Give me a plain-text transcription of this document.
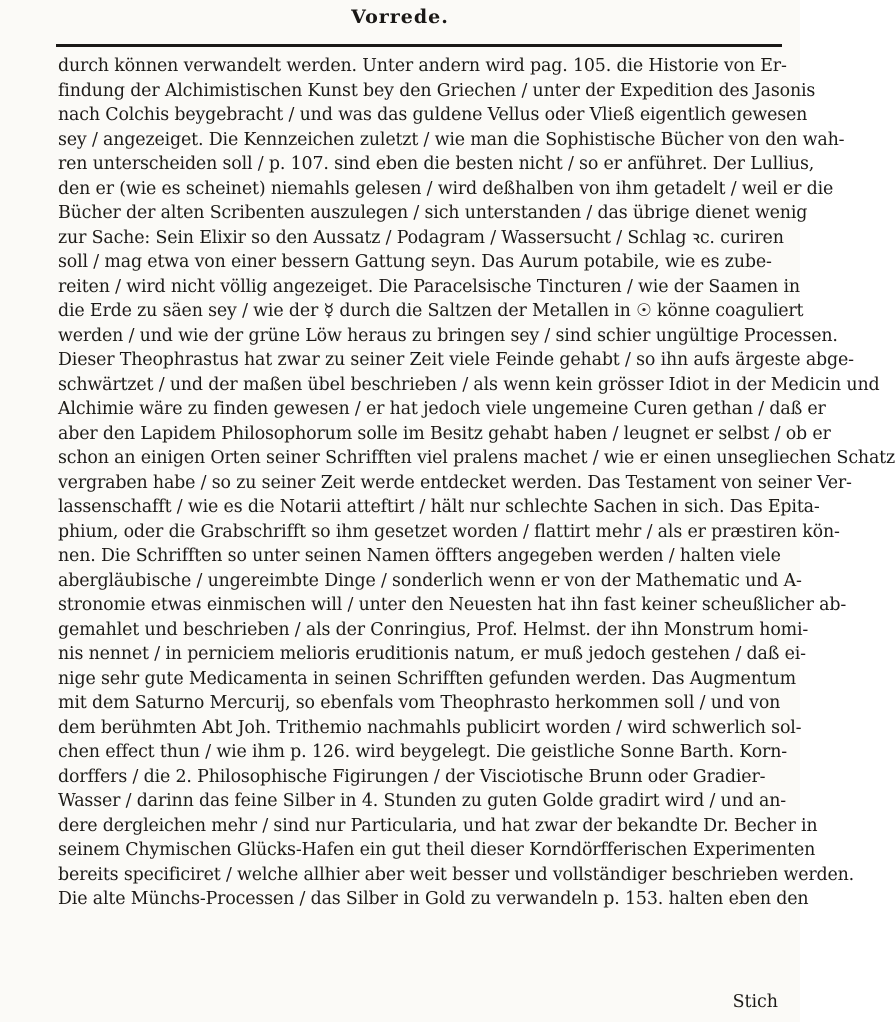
Vorrede.
durch können verwandelt werden. Unter andern wird pag. 105. die Historie von Er-
findung der Alchimistischen Kunst bey den Griechen / unter der Expedition des Jasonis
nach Colchis beygebracht / und was das guldene Vellus oder Vließ eigentlich gewesen
sey / angezeiget. Die Kennzeichen zuletzt / wie man die Sophistische Bücher von den wah-
ren unterscheiden soll / p. 107. sind eben die besten nicht / so er anführet. Der Lullius,
den er (wie es scheinet) niemahls gelesen / wird deßhalben von ihm getadelt / weil er die
Bücher der alten Scribenten auszulegen / sich unterstanden / das übrige dienet wenig
zur Sache: Sein Elixir so den Aussatz / Podagram / Wassersucht / Schlag ꝛc. curiren
soll / mag etwa von einer bessern Gattung seyn. Das Aurum potabile, wie es zube-
reiten / wird nicht völlig angezeiget. Die Paracelsische Tincturen / wie der Saamen in
die Erde zu säen sey / wie der ☿ durch die Saltzen der Metallen in ☉ könne coaguliert
werden / und wie der grüne Löw heraus zu bringen sey / sind schier ungültige Processen.
Dieser Theophrastus hat zwar zu seiner Zeit viele Feinde gehabt / so ihn aufs ärgeste abge-
schwärtzet / und der maßen übel beschrieben / als wenn kein grösser Idiot in der Medicin und
Alchimie wäre zu finden gewesen / er hat jedoch viele ungemeine Curen gethan / daß er
aber den Lapidem Philosophorum solle im Besitz gehabt haben / leugnet er selbst / ob er
schon an einigen Orten seiner Schrifften viel pralens machet / wie er einen unsegliechen Schatz
vergraben habe / so zu seiner Zeit werde entdecket werden. Das Testament von seiner Ver-
lassenschafft / wie es die Notarii atteftirt / hält nur schlechte Sachen in sich. Das Epita-
phium, oder die Grabschrifft so ihm gesetzet worden / flattirt mehr / als er præstiren kön-
nen. Die Schrifften so unter seinen Namen öffters angegeben werden / halten viele
abergläubische / ungereimbte Dinge / sonderlich wenn er von der Mathematic und A-
stronomie etwas einmischen will / unter den Neuesten hat ihn fast keiner scheußlicher ab-
gemahlet und beschrieben / als der Conringius, Prof. Helmst. der ihn Monstrum homi-
nis nennet / in perniciem melioris eruditionis natum, er muß jedoch gestehen / daß ei-
nige sehr gute Medicamenta in seinen Schrifften gefunden werden. Das Augmentum
mit dem Saturno Mercurij, so ebenfals vom Theophrasto herkommen soll / und von
dem berühmten Abt Joh. Trithemio nachmahls publicirt worden / wird schwerlich sol-
chen effect thun / wie ihm p. 126. wird beygelegt. Die geistliche Sonne Barth. Korn-
dorffers / die 2. Philosophische Figirungen / der Visciotische Brunn oder Gradier-
Wasser / darinn das feine Silber in 4. Stunden zu guten Golde gradirt wird / und an-
dere dergleichen mehr / sind nur Particularia, und hat zwar der bekandte Dr. Becher in
seinem Chymischen Glücks-Hafen ein gut theil dieser Korndörfferischen Experimenten
bereits specificiret / welche allhier aber weit besser und vollständiger beschrieben werden.
Die alte Münchs-Processen / das Silber in Gold zu verwandeln p. 153. halten eben den
Stich
